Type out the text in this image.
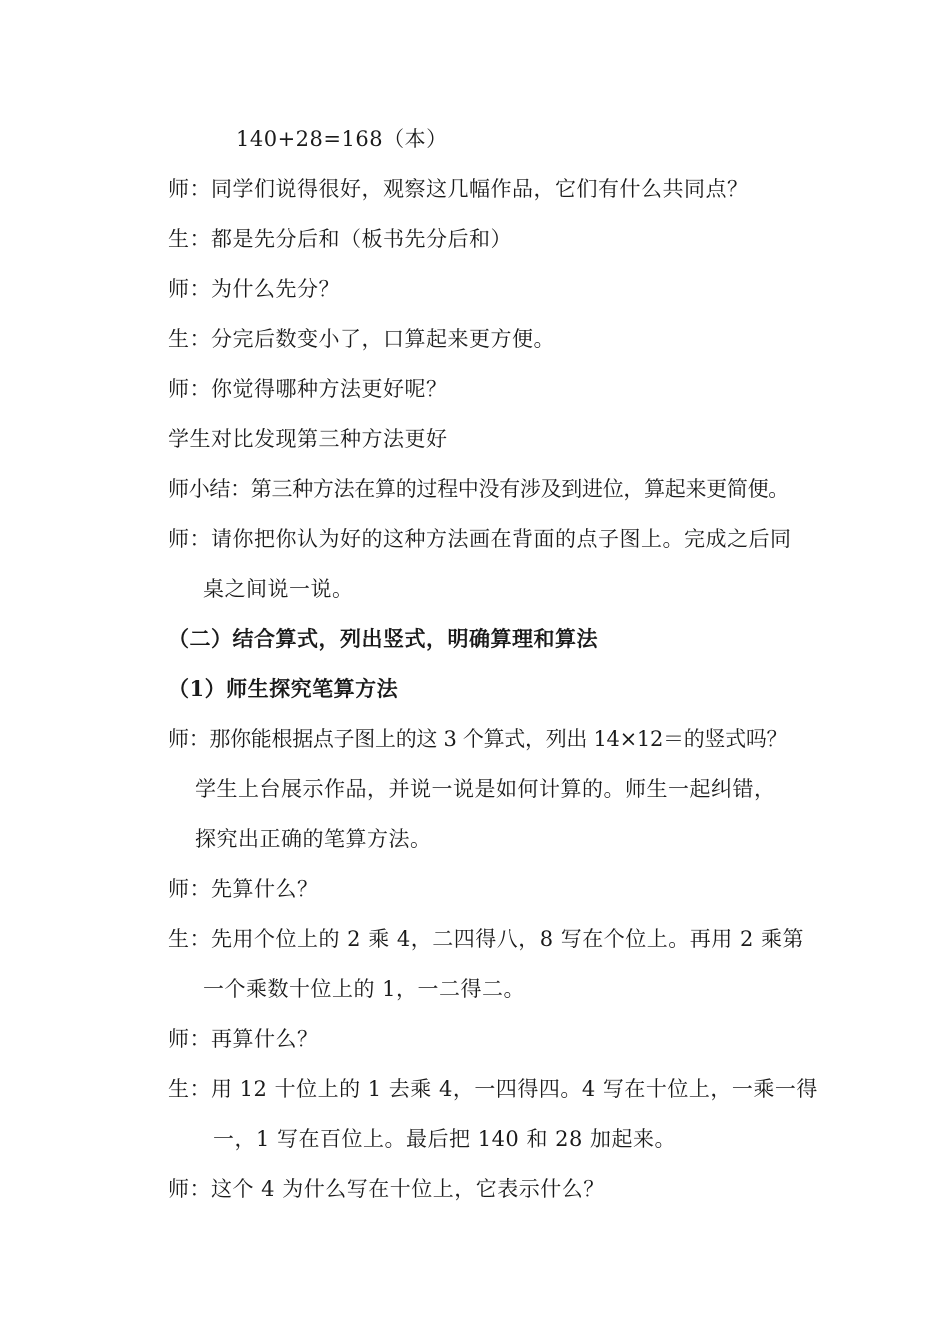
140+28=168（本）
师：同学们说得很好，观察这几幅作品，它们有什么共同点？
生：都是先分后和（板书先分后和）
师：为什么先分？
生：分完后数变小了，口算起来更方便。
师：你觉得哪种方法更好呢？
学生对比发现第三种方法更好
师小结：第三种方法在算的过程中没有涉及到进位，算起来更简便。
师：请你把你认为好的这种方法画在背面的点子图上。完成之后同
桌之间说一说。
（二）结合算式，列出竖式，明确算理和算法
（1）师生探究笔算方法
师：那你能根据点子图上的这 3 个算式，列出 14×12＝的竖式吗？
学生上台展示作品，并说一说是如何计算的。师生一起纠错，
探究出正确的笔算方法。
师：先算什么？
生：先用个位上的 2 乘 4，二四得八，8 写在个位上。再用 2 乘第
一个乘数十位上的 1，一二得二。
师：再算什么？
生：用 12 十位上的 1 去乘 4，一四得四。4 写在十位上，一乘一得
一，1 写在百位上。最后把 140 和 28 加起来。
师：这个 4 为什么写在十位上，它表示什么？
